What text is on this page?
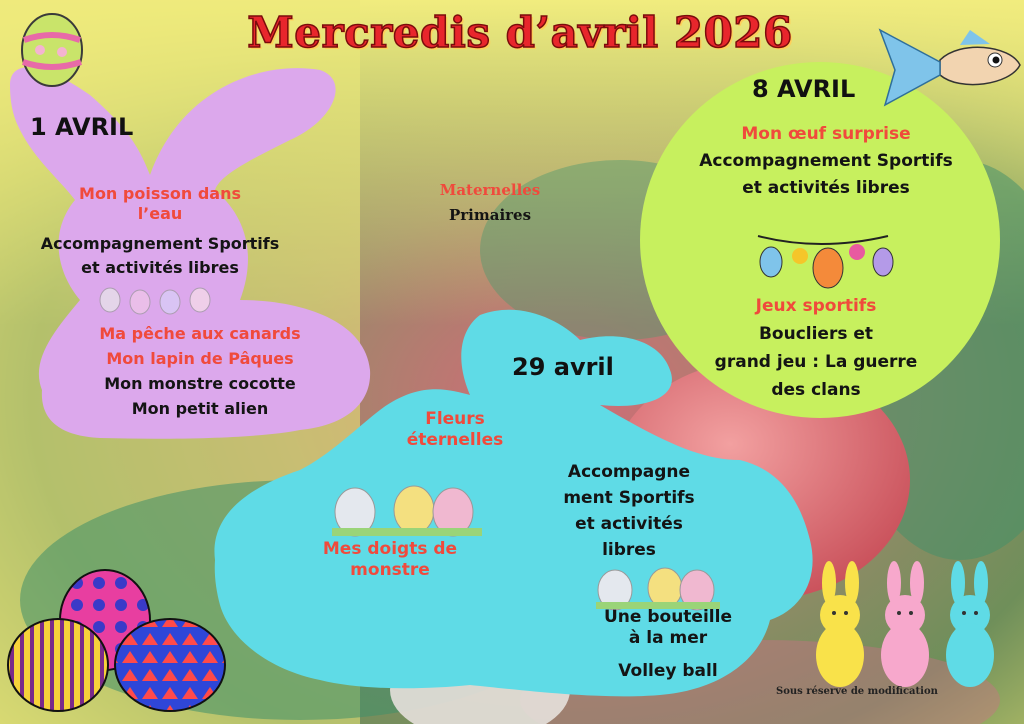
Mercredis d’avril 2026
Maternelles
Primaires
1 AVRIL
Mon poisson dans l’eau
Accompagnement Sportifs
et activités libres
Ma pêche aux canards
Mon lapin de Pâques
Mon monstre cocotte
Mon petit alien
8 AVRIL
Mon œuf surprise
Accompagnement Sportifs
et activités libres
Jeux sportifs
Boucliers et
grand jeu : La guerre
des clans
29 avril
Fleurs éternelles
Mes doigts de monstre
Accompagne
ment Sportifs
et activités
libres
Une bouteille à la mer
Volley ball
Sous réserve de modification
